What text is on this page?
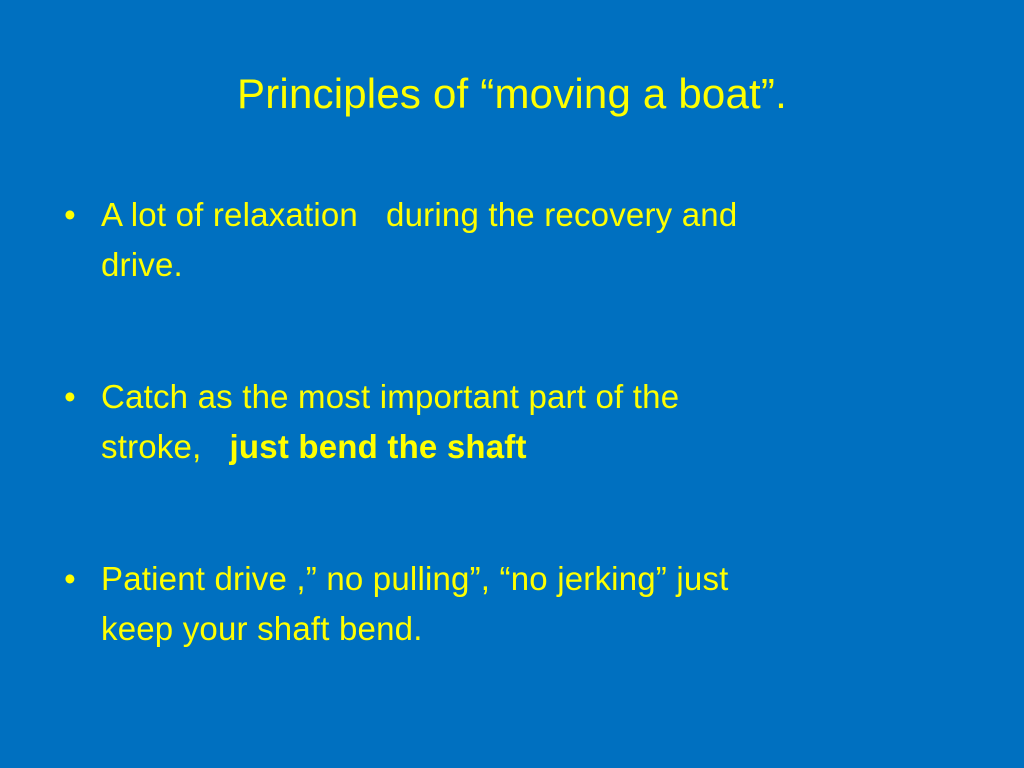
Principles of “moving a boat”.
• A lot of relaxation   during the recovery and
drive.
• Catch as the most important part of the
stroke,   just bend the shaft
• Patient drive ,” no pulling”, “no jerking” just
keep your shaft bend.
